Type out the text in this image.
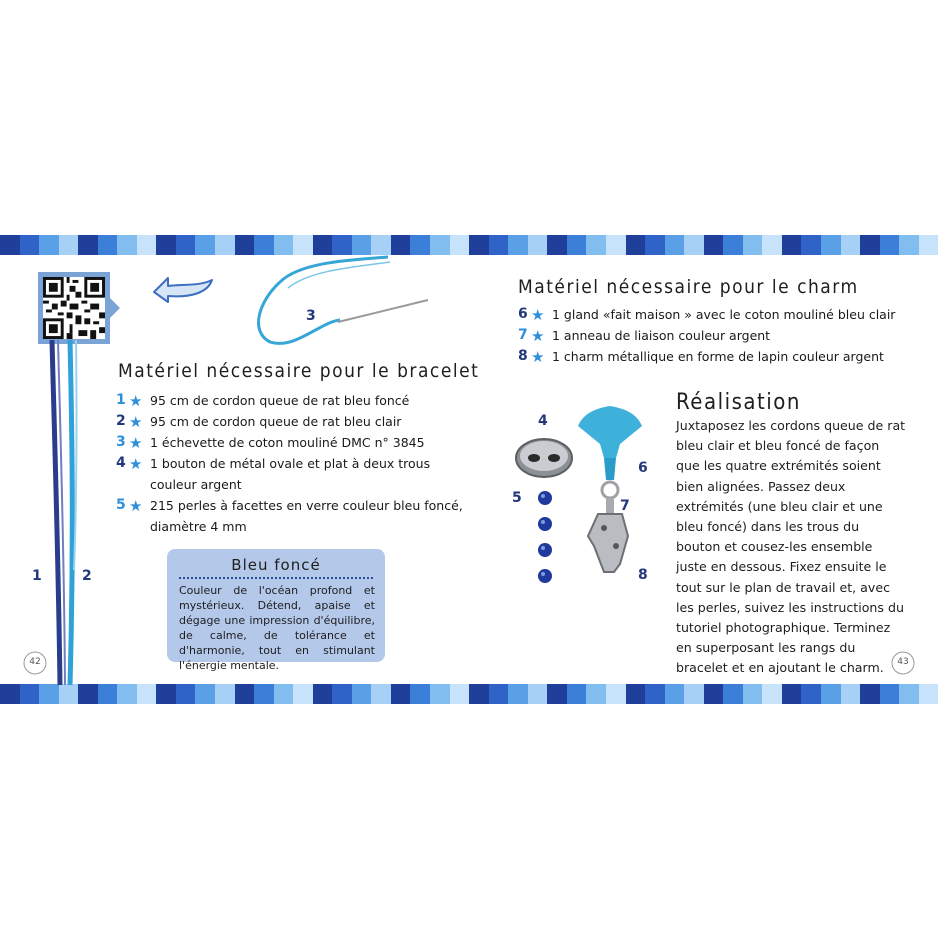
1	2
3
Matériel nécessaire pour le bracelet
1 ★ 95 cm de cordon queue de rat bleu foncé
2 ★ 95 cm de cordon queue de rat bleu clair
3 ★ 1 échevette de coton mouliné DMC n° 3845
4 ★ 1 bouton de métal ovale et plat à deux trous
couleur argent
5 ★ 215 perles à facettes en verre couleur bleu foncé,
diamètre 4 mm
Bleu foncé
Couleur de l'océan profond et mystérieux. Détend, apaise et dégage une impression d'équilibre, de calme, de tolérance et d'harmonie, tout en stimulant l'énergie mentale.
Matériel nécessaire pour le charm
6 ★ 1 gland «fait maison » avec le coton mouliné bleu clair
7 ★ 1 anneau de liaison couleur argent
8 ★ 1 charm métallique en forme de lapin couleur argent
Réalisation
Juxtaposez les cordons queue de rat bleu clair et bleu foncé de façon que les quatre extrémités soient bien alignées. Passez deux extrémités (une bleu clair et une bleu foncé) dans les trous du bouton et cousez-les ensemble juste en dessous. Fixez ensuite le tout sur le plan de travail et, avec les perles, suivez les instructions du tutoriel photographique. Terminez en superposant les rangs du bracelet et en ajoutant le charm.
4
5
6
7
8
42	43
